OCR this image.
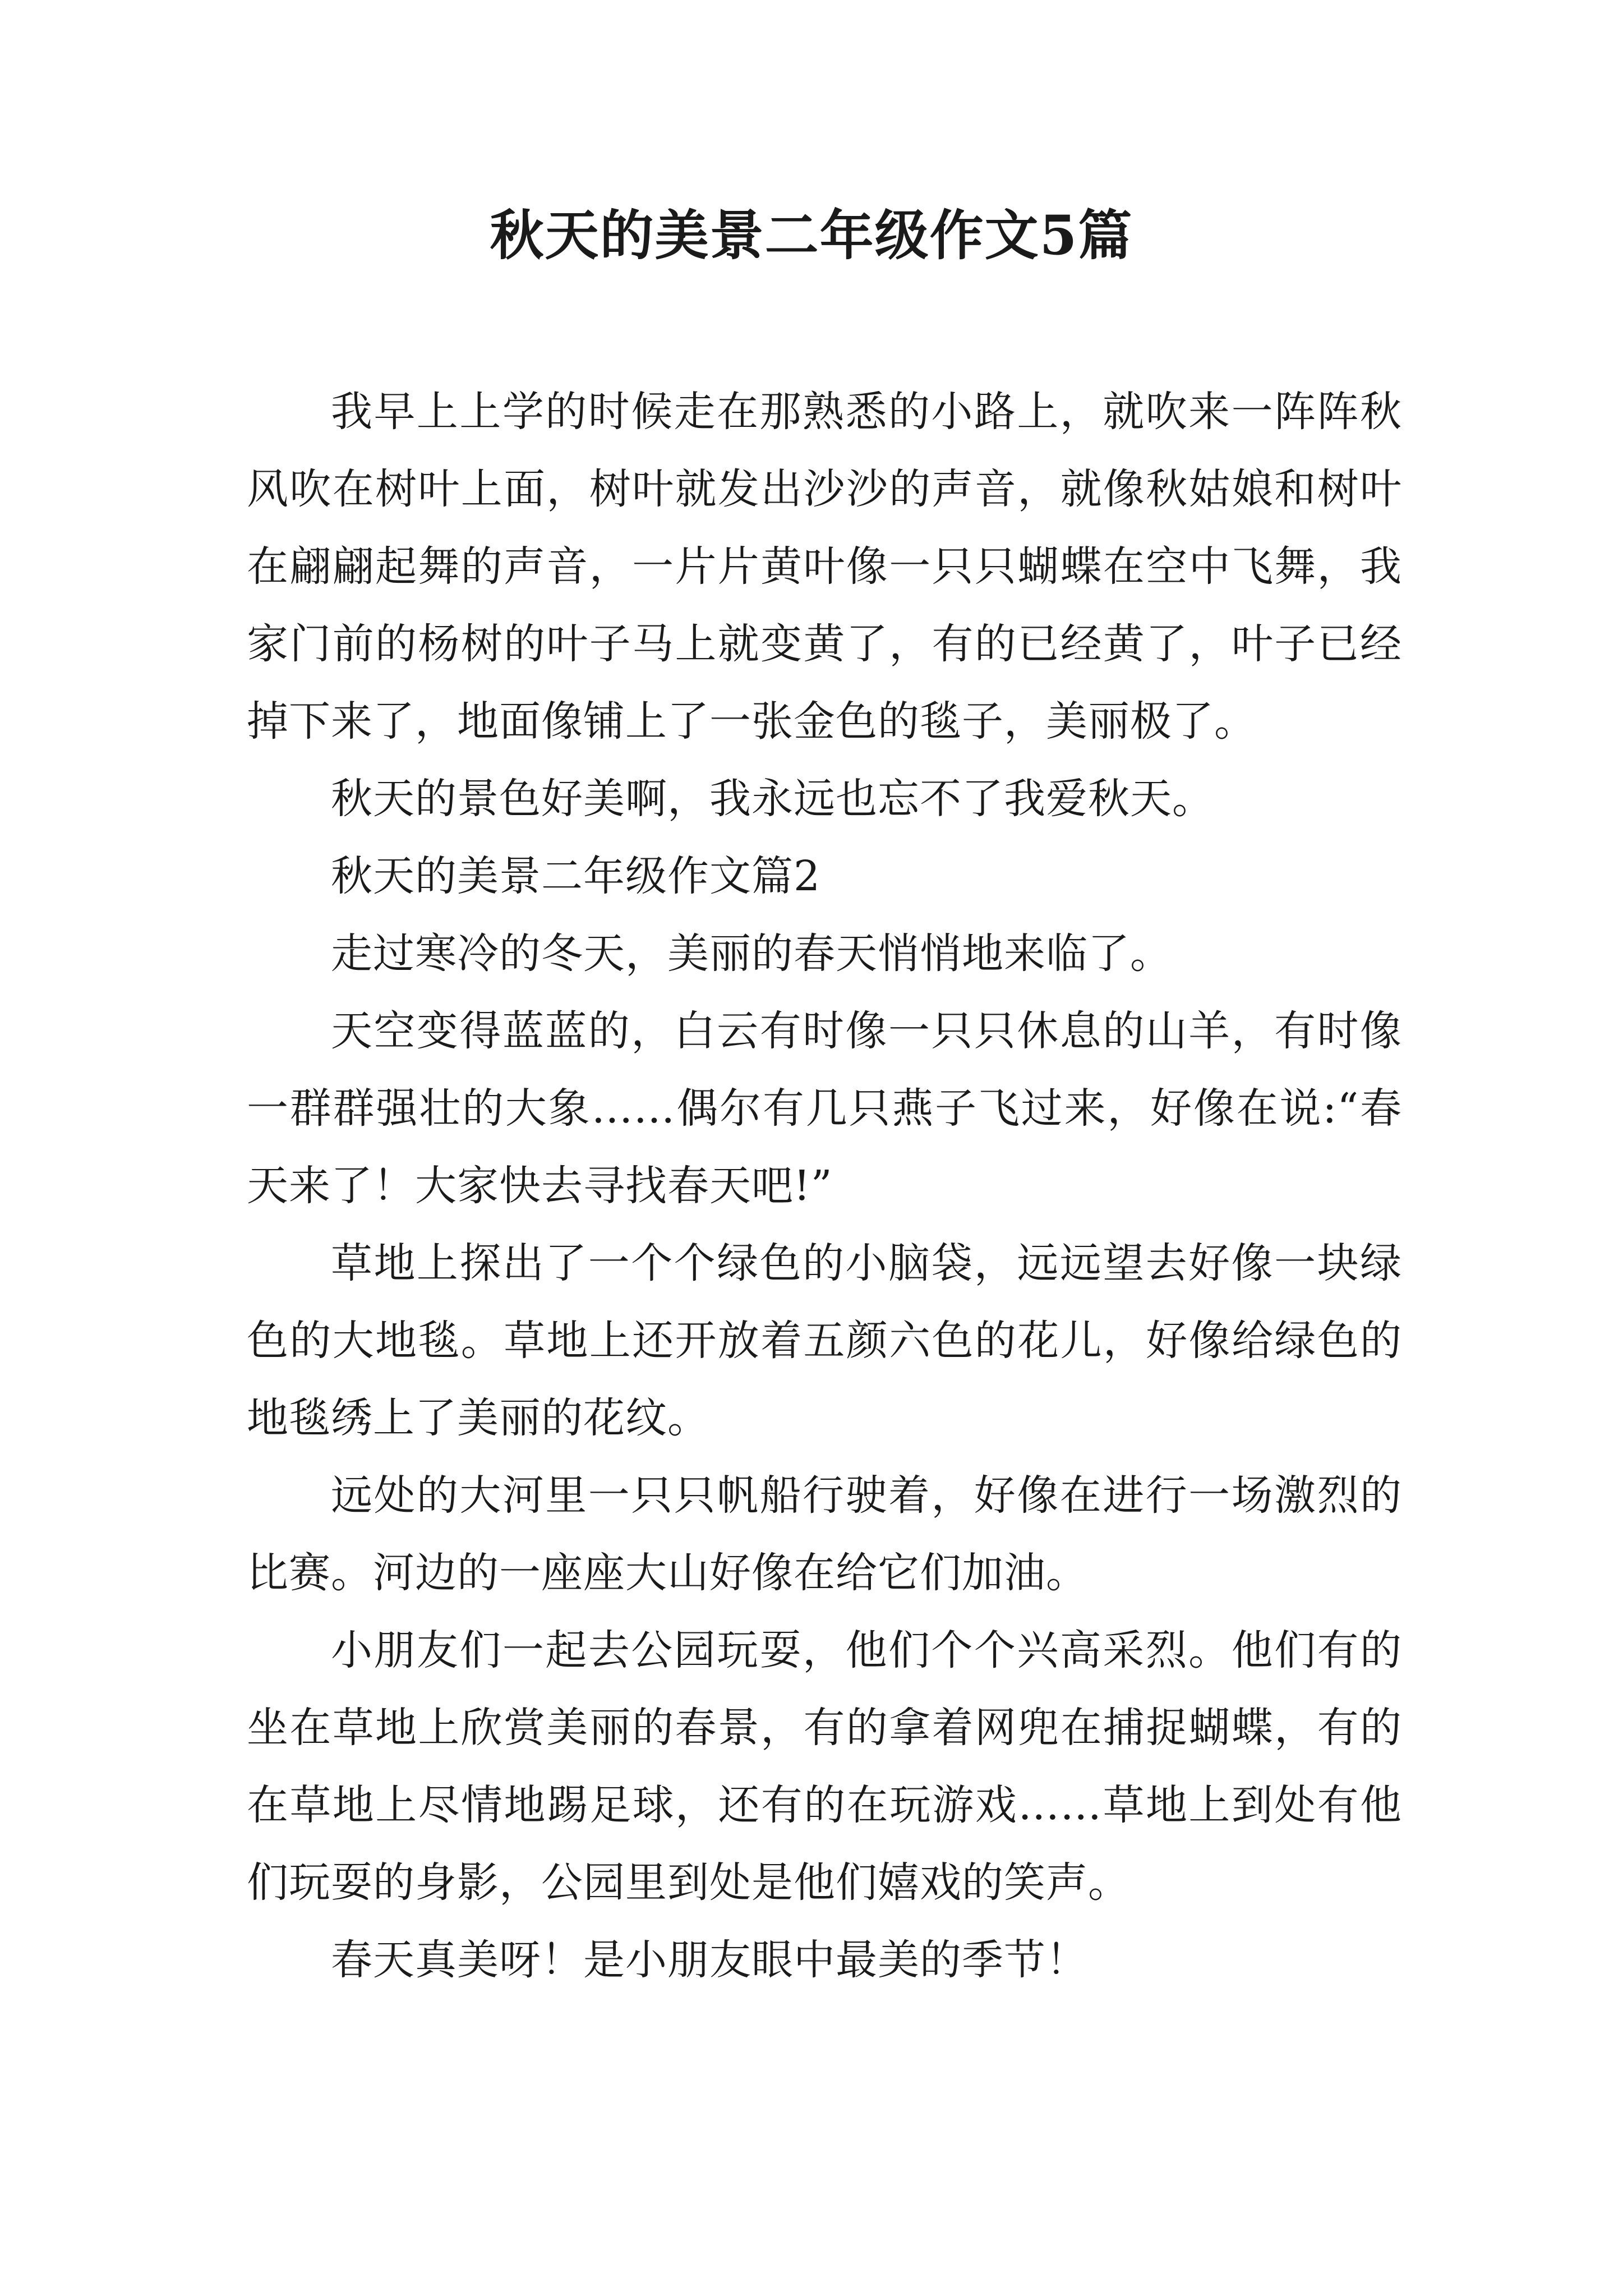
秋天的美景二年级作文5篇

我早上上学的时候走在那熟悉的小路上，就吹来一阵阵秋风吹在树叶上面，树叶就发出沙沙的声音，就像秋姑娘和树叶在翩翩起舞的声音，一片片黄叶像一只只蝴蝶在空中飞舞，我家门前的杨树的叶子马上就变黄了，有的已经黄了，叶子已经掉下来了，地面像铺上了一张金色的毯子，美丽极了。

秋天的景色好美啊，我永远也忘不了我爱秋天。

秋天的美景二年级作文篇2

走过寒冷的冬天，美丽的春天悄悄地来临了。

天空变得蓝蓝的，白云有时像一只只休息的山羊，有时像一群群强壮的大象……偶尔有几只燕子飞过来，好像在说:“春天来了！大家快去寻找春天吧!”

草地上探出了一个个绿色的小脑袋，远远望去好像一块绿色的大地毯。草地上还开放着五颜六色的花儿，好像给绿色的地毯绣上了美丽的花纹。

远处的大河里一只只帆船行驶着，好像在进行一场激烈的比赛。河边的一座座大山好像在给它们加油。

小朋友们一起去公园玩耍，他们个个兴高采烈。他们有的坐在草地上欣赏美丽的春景，有的拿着网兜在捕捉蝴蝶，有的在草地上尽情地踢足球，还有的在玩游戏……草地上到处有他们玩耍的身影，公园里到处是他们嬉戏的笑声。

春天真美呀！是小朋友眼中最美的季节！
